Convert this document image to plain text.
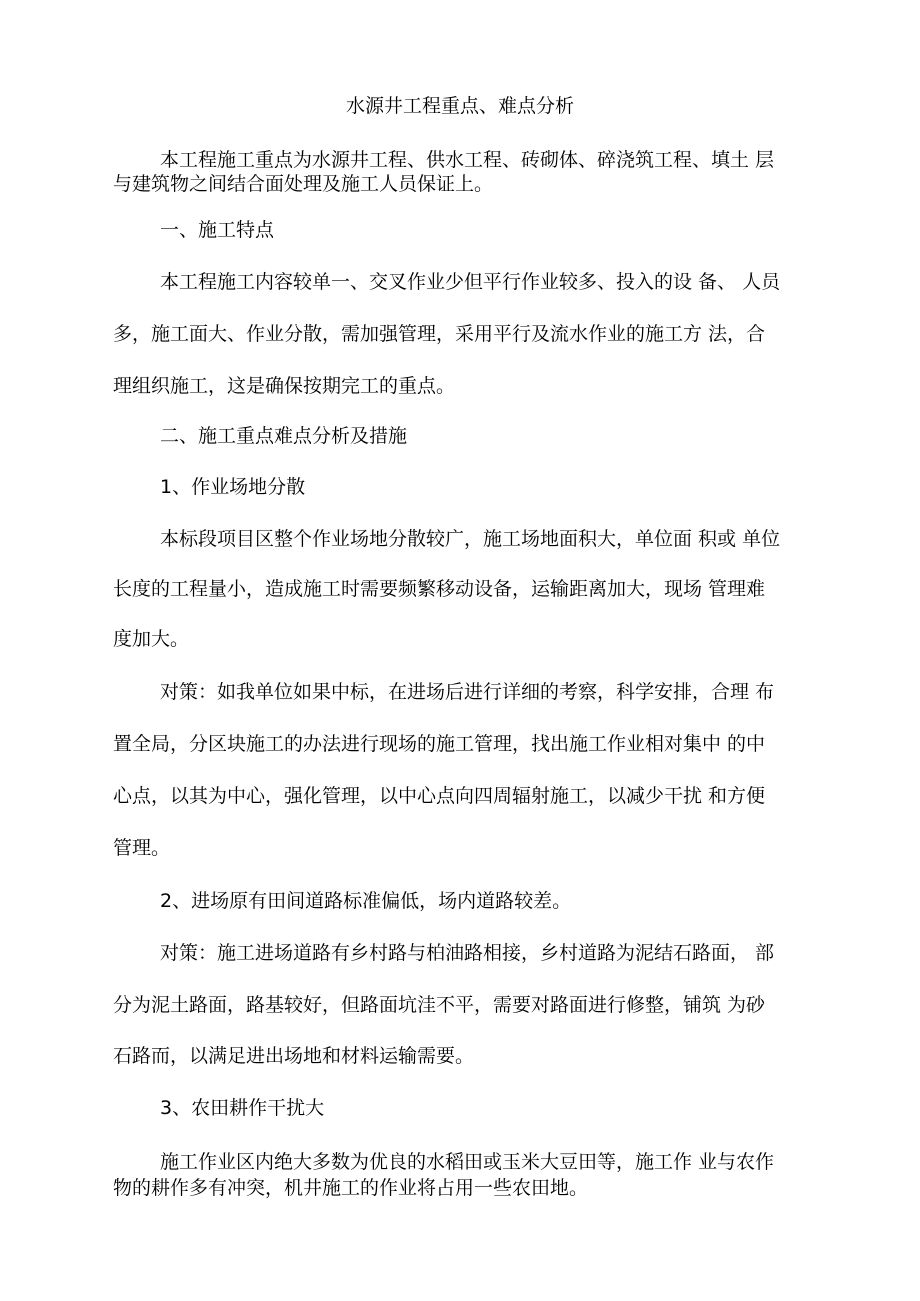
水源井工程重点、难点分析
本工程施工重点为水源井工程、供水工程、砖砌体、碎浇筑工程、填土 层
与建筑物之间结合面处理及施工人员保证上。
一、施工特点
本工程施工内容较单一、交叉作业少但平行作业较多、投入的设 备、 人员
多，施工面大、作业分散，需加强管理，采用平行及流水作业的施工方 法，合
理组织施工，这是确保按期完工的重点。
二、施工重点难点分析及措施
1、作业场地分散
本标段项目区整个作业场地分散较广，施工场地面积大，单位面 积或 单位
长度的工程量小，造成施工时需要频繁移动设备，运输距离加大，现场 管理难
度加大。
对策：如我单位如果中标，在进场后进行详细的考察，科学安排，合理 布
置全局，分区块施工的办法进行现场的施工管理，找出施工作业相对集中 的中
心点，以其为中心，强化管理，以中心点向四周辐射施工，以减少干扰 和方便
管理。
2、进场原有田间道路标准偏低，场内道路较差。
对策：施工进场道路有乡村路与柏油路相接，乡村道路为泥结石路面， 部
分为泥土路面，路基较好，但路面坑洼不平，需要对路面进行修整，铺筑 为砂
石路而，以满足进出场地和材料运输需要。
3、农田耕作干扰大
施工作业区内绝大多数为优良的水稻田或玉米大豆田等，施工作 业与农作
物的耕作多有冲突，机井施工的作业将占用一些农田地。
